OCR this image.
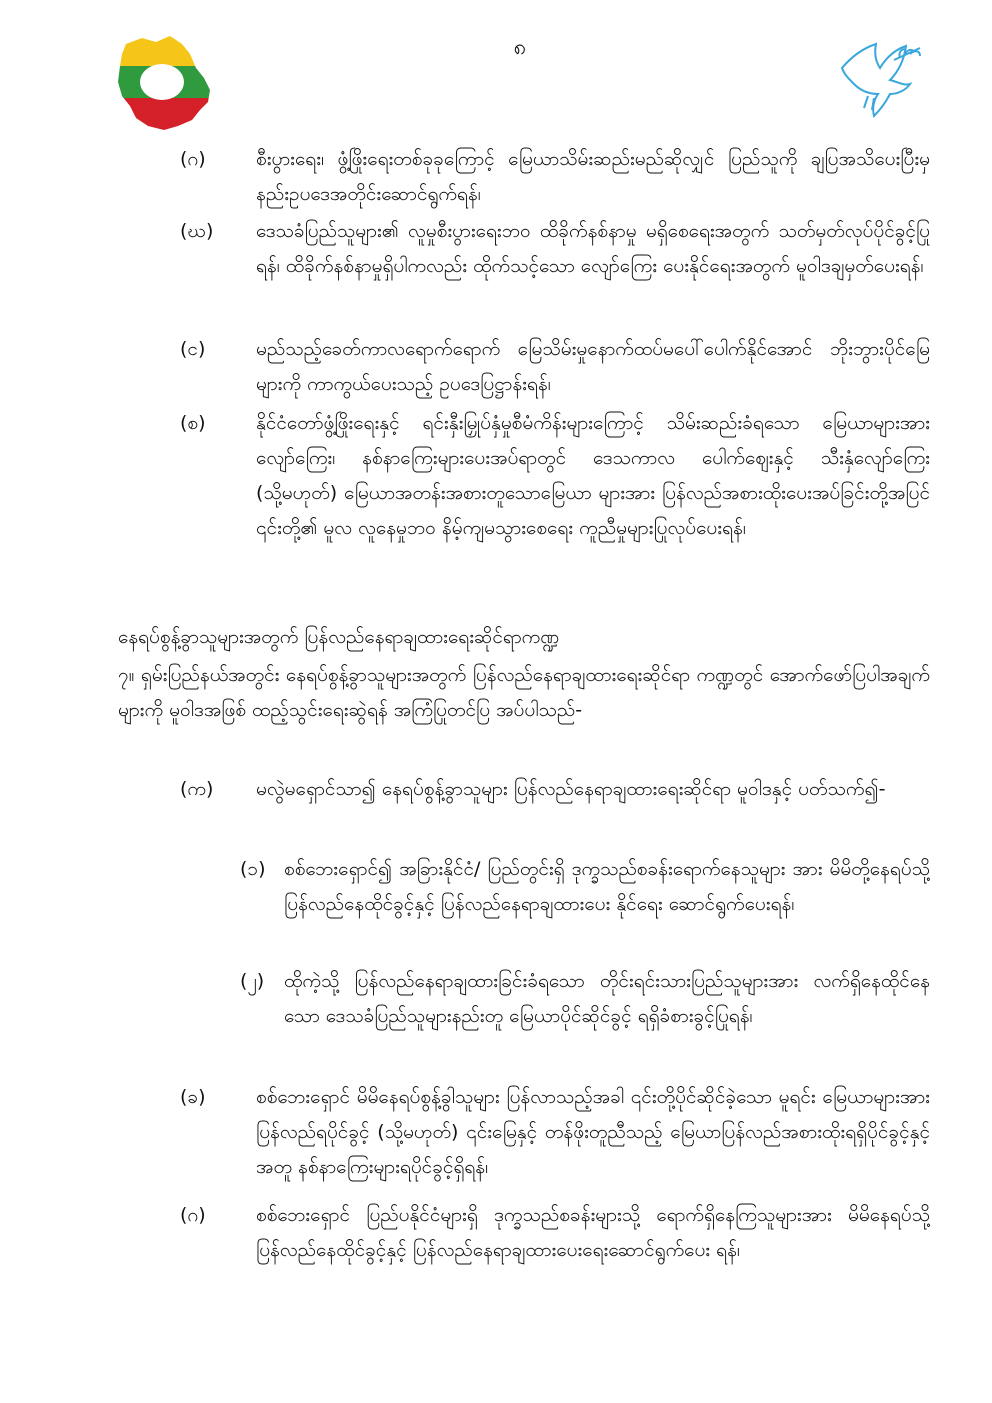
၈
(ဂ)	စီးပွားရေး၊ ဖွံ့ဖြိုးရေးတစ်ခုခုကြောင့် မြေယာသိမ်းဆည်းမည်ဆိုလျှင် ပြည်သူကို ချပြအသိပေးပြီးမှ နည်းဥပဒေအတိုင်းဆောင်ရွက်ရန်၊
(ဃ) ဒေသခံပြည်သူများ၏ လူမှုစီးပွားရေးဘဝ ထိခိုက်နစ်နာမှု မရှိစေရေးအတွက် သတ်မှတ်လုပ်ပိုင်ခွင့်ပြုရန်၊ ထိခိုက်နစ်နာမှုရှိပါကလည်း ထိုက်သင့်သော လျော်ကြေး ပေးနိုင်ရေးအတွက် မူဝါဒချမှတ်ပေးရန်၊
(င)	မည်သည့်ခေတ်ကာလရောက်ရောက် မြေသိမ်းမှုနောက်ထပ်မပေါ်ပေါက်နိုင်အောင် ဘိုးဘွားပိုင်မြေများကို ကာကွယ်ပေးသည့် ဥပဒေပြဋ္ဌာန်းရန်၊
(စ)	နိုင်ငံတော်ဖွံ့ဖြိုးရေးနှင့် ရင်းနှီးမြှုပ်နှံမှုစီမံကိန်းများကြောင့် သိမ်းဆည်းခံရသော မြေယာများအား လျော်ကြေး၊ နစ်နာကြေးများပေးအပ်ရာတွင် ဒေသကာလ ပေါက်ဈေးနှင့် သီးနှံလျော်ကြေး (သို့မဟုတ်) မြေယာအတန်းအစားတူသောမြေယာ များအား ပြန်လည်အစားထိုးပေးအပ်ခြင်းတို့အပြင် ၎င်းတို့၏ မူလ လူနေမှုဘဝ နိမ့်ကျမသွားစေရေး ကူညီမှုများပြုလုပ်ပေးရန်၊
နေရပ်စွန့်ခွာသူများအတွက် ပြန်လည်နေရာချထားရေးဆိုင်ရာကဏ္ဍ
၇။ ရှမ်းပြည်နယ်အတွင်း နေရပ်စွန့်ခွာသူများအတွက် ပြန်လည်နေရာချထားရေးဆိုင်ရာ ကဏ္ဍတွင် အောက်ဖော်ပြပါအချက်များကို မူဝါဒအဖြစ် ထည့်သွင်းရေးဆွဲရန် အကြံပြုတင်ပြ အပ်ပါသည်-
(က) မလွဲမရှောင်သာ၍ နေရပ်စွန့်ခွာသူများ ပြန်လည်နေရာချထားရေးဆိုင်ရာ မူဝါဒနှင့် ပတ်သက်၍-
(၁) စစ်ဘေးရှောင်၍ အခြားနိုင်ငံ/ ပြည်တွင်းရှိ ဒုက္ခသည်စခန်းရောက်နေသူများ အား မိမိတို့နေရပ်သို့ ပြန်လည်နေထိုင်ခွင့်နှင့် ပြန်လည်နေရာချထားပေး နိုင်ရေး ဆောင်ရွက်ပေးရန်၊
(၂) ထိုကဲ့သို့ ပြန်လည်နေရာချထားခြင်းခံရသော တိုင်းရင်းသားပြည်သူများအား လက်ရှိနေထိုင်နေသော ဒေသခံပြည်သူများနည်းတူ မြေယာပိုင်ဆိုင်ခွင့် ရရှိခံစားခွင့်ပြုရန်၊
(ခ)	စစ်ဘေးရှောင် မိမိနေရပ်စွန့်ခွါသူများ ပြန်လာသည့်အခါ ၎င်းတို့ပိုင်ဆိုင်ခဲ့သော မူရင်း မြေယာများအား ပြန်လည်ရပိုင်ခွင့် (သို့မဟုတ်) ၎င်းမြေနှင့် တန်ဖိုးတူညီသည့် မြေယာပြန်လည်အစားထိုးရရှိပိုင်ခွင့်နှင့်အတူ နစ်နာကြေးများရပိုင်ခွင့်ရှိရန်၊
(ဂ)	စစ်ဘေးရှောင် ပြည်ပနိုင်ငံများရှိ ဒုက္ခသည်စခန်းများသို့ ရောက်ရှိနေကြသူများအား မိမိနေရပ်သို့ ပြန်လည်နေထိုင်ခွင့်နှင့် ပြန်လည်နေရာချထားပေးရေးဆောင်ရွက်ပေး ရန်၊
